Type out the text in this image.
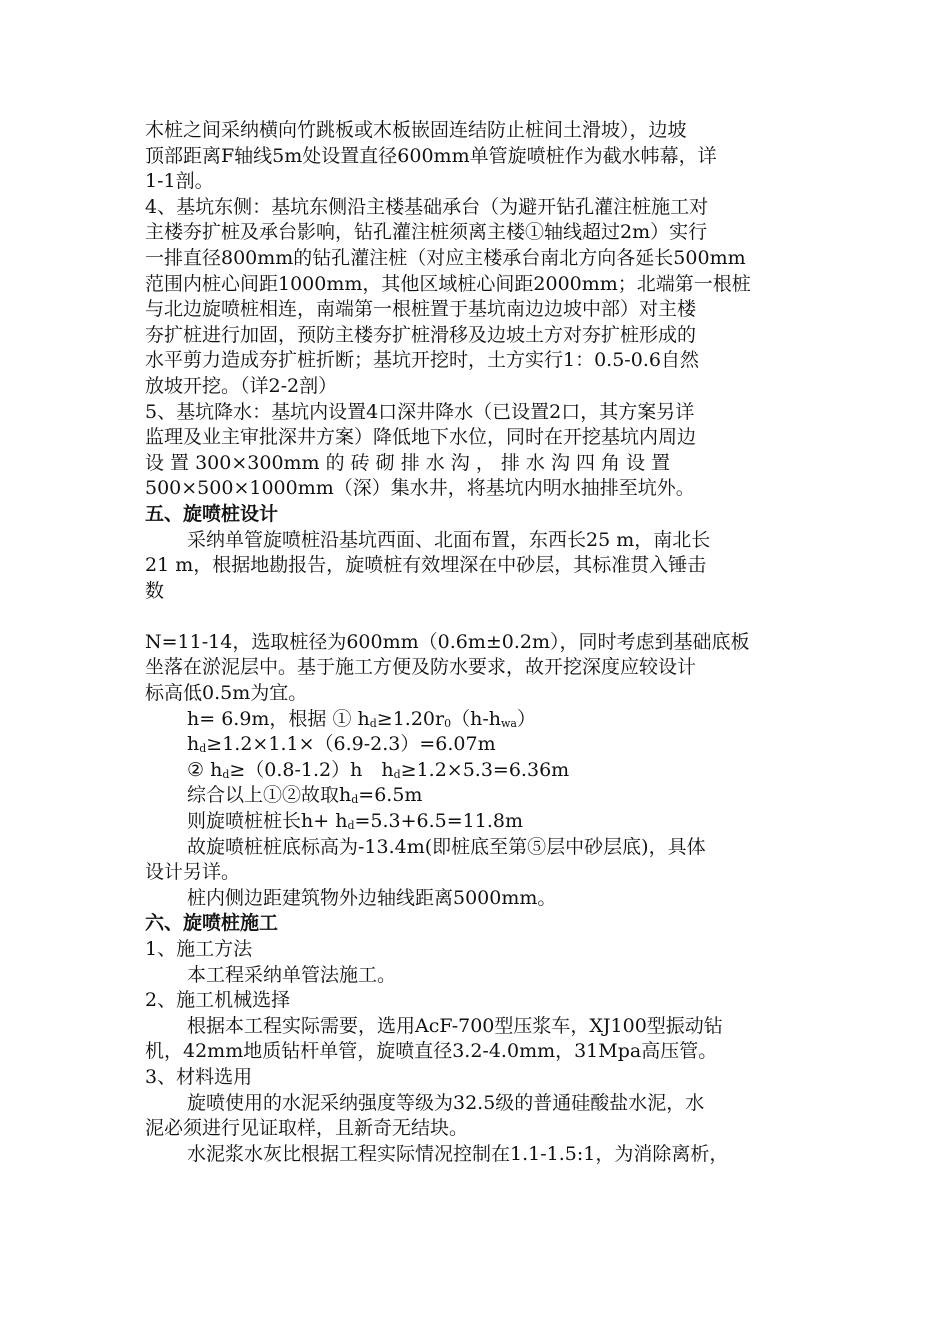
木桩之间采纳横向竹跳板或木板嵌固连结防止桩间土滑坡），边坡
顶部距离F轴线5m处设置直径600mm单管旋喷桩作为截水帏幕，详
1-1剖。
4、基坑东侧：基坑东侧沿主楼基础承台（为避开钻孔灌注桩施工对
主楼夯扩桩及承台影响，钻孔灌注桩须离主楼①轴线超过2m）实行
一排直径800mm的钻孔灌注桩（对应主楼承台南北方向各延长500mm
范围内桩心间距1000mm，其他区域桩心间距2000mm；北端第一根桩
与北边旋喷桩相连，南端第一根桩置于基坑南边边坡中部）对主楼
夯扩桩进行加固，预防主楼夯扩桩滑移及边坡土方对夯扩桩形成的
水平剪力造成夯扩桩折断；基坑开挖时，土方实行1：0.5-0.6自然
放坡开挖。（详2-2剖）
5、基坑降水：基坑内设置4口深井降水（已设置2口，其方案另详
监理及业主审批深井方案）降低地下水位，同时在开挖基坑内周边
设 置 300×300mm 的 砖 砌 排 水 沟 ， 排 水 沟 四 角 设 置
500×500×1000mm（深）集水井，将基坑内明水抽排至坑外。
五、旋喷桩设计
采纳单管旋喷桩沿基坑西面、北面布置，东西长25 m，南北长
21 m，根据地勘报告，旋喷桩有效埋深在中砂层，其标准贯入锤击
数
N=11-14，选取桩径为600mm（0.6m±0.2m），同时考虑到基础底板
坐落在淤泥层中。基于施工方便及防水要求，故开挖深度应较设计
标高低0.5m为宜。
h= 6.9m，根据 ① $h_d\ge 1.20r_0(h-h_{wa})$
$h_d\ge 1.2\times 1.1\times(6.9-2.3)=6.07m$
② $h_d\ge(0.8-1.2)h$　$h_d\ge 1.2\times 5.3=6.36m$
综合以上①②故取$h_d=6.5m$
则旋喷桩桩长$h+ h_d=5.3+6.5=11.8m$
故旋喷桩桩底标高为-13.4m(即桩底至第⑤层中砂层底)，具体
设计另详。
桩内侧边距建筑物外边轴线距离5000mm。
六、旋喷桩施工
1、施工方法
本工程采纳单管法施工。
2、施工机械选择
根据本工程实际需要，选用AcF-700型压浆车，XJ100型振动钻
机，42mm地质钻杆单管，旋喷直径3.2-4.0mm，31Mpa高压管。
3、材料选用
旋喷使用的水泥采纳强度等级为32.5级的普通硅酸盐水泥，水
泥必须进行见证取样，且新奇无结块。
水泥浆水灰比根据工程实际情况控制在1.1-1.5:1，为消除离析，
